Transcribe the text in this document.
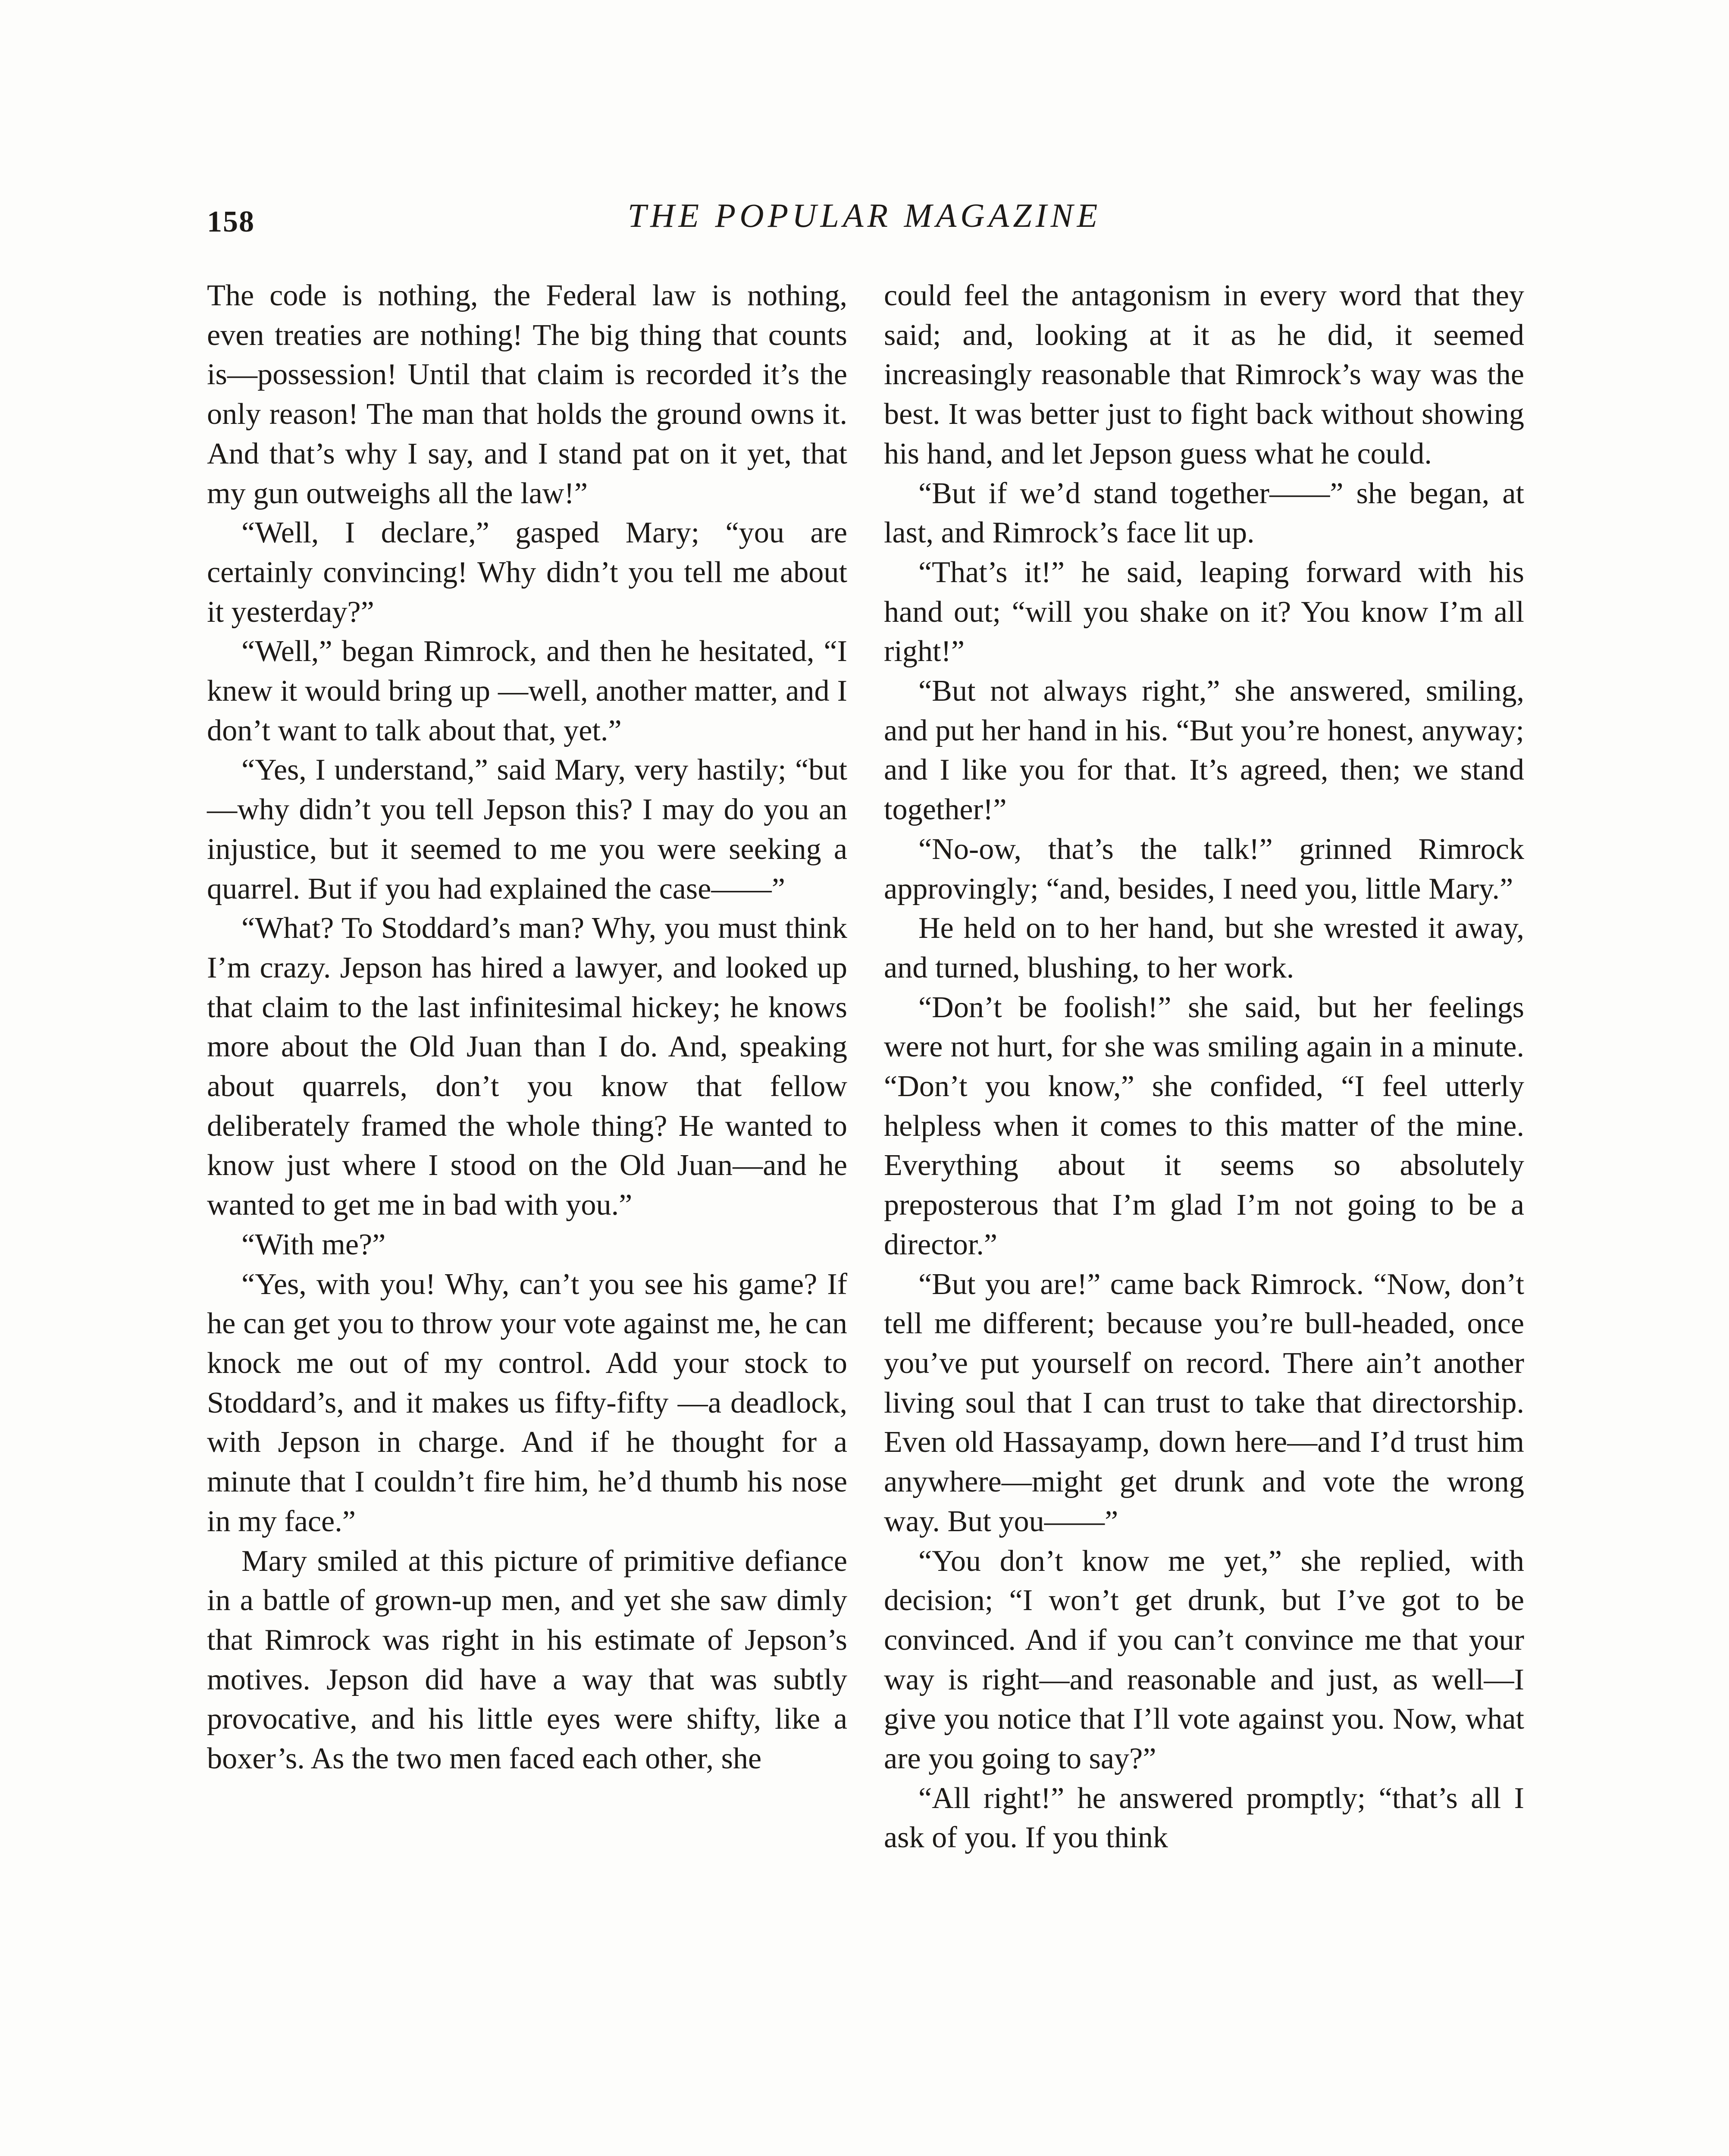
158	THE POPULAR MAGAZINE

The code is nothing, the Federal law is nothing, even treaties are nothing! The big thing that counts is—possession! Until that claim is recorded it’s the only reason! The man that holds the ground owns it. And that’s why I say, and I stand pat on it yet, that my gun outweighs all the law!”

“Well, I declare,” gasped Mary; “you are certainly convincing! Why didn’t you tell me about it yesterday?”

“Well,” began Rimrock, and then he hesitated, “I knew it would bring up —well, another matter, and I don’t want to talk about that, yet.”

“Yes, I understand,” said Mary, very hastily; “but—why didn’t you tell Jepson this? I may do you an injustice, but it seemed to me you were seeking a quarrel. But if you had explained the case——”

“What? To Stoddard’s man? Why, you must think I’m crazy. Jepson has hired a lawyer, and looked up that claim to the last infinitesimal hickey; he knows more about the Old Juan than I do. And, speaking about quarrels, don’t you know that fellow deliberately framed the whole thing? He wanted to know just where I stood on the Old Juan—and he wanted to get me in bad with you.”

“With me?”

“Yes, with you! Why, can’t you see his game? If he can get you to throw your vote against me, he can knock me out of my control. Add your stock to Stoddard’s, and it makes us fifty-fifty —a deadlock, with Jepson in charge. And if he thought for a minute that I couldn’t fire him, he’d thumb his nose in my face.”

Mary smiled at this picture of primitive defiance in a battle of grown-up men, and yet she saw dimly that Rimrock was right in his estimate of Jepson’s motives. Jepson did have a way that was subtly provocative, and his little eyes were shifty, like a boxer’s. As the two men faced each other, she

could feel the antagonism in every word that they said; and, looking at it as he did, it seemed increasingly reasonable that Rimrock’s way was the best. It was better just to fight back without showing his hand, and let Jepson guess what he could.

“But if we’d stand together——” she began, at last, and Rimrock’s face lit up.

“That’s it!” he said, leaping forward with his hand out; “will you shake on it? You know I’m all right!”

“But not always right,” she answered, smiling, and put her hand in his. “But you’re honest, anyway; and I like you for that. It’s agreed, then; we stand together!”

“No-ow, that’s the talk!” grinned Rimrock approvingly; “and, besides, I need you, little Mary.”

He held on to her hand, but she wrested it away, and turned, blushing, to her work.

“Don’t be foolish!” she said, but her feelings were not hurt, for she was smiling again in a minute. “Don’t you know,” she confided, “I feel utterly helpless when it comes to this matter of the mine. Everything about it seems so absolutely preposterous that I’m glad I’m not going to be a director.”

“But you are!” came back Rimrock. “Now, don’t tell me different; because you’re bull-headed, once you’ve put yourself on record. There ain’t another living soul that I can trust to take that directorship. Even old Hassayamp, down here—and I’d trust him anywhere—might get drunk and vote the wrong way. But you——”

“You don’t know me yet,” she replied, with decision; “I won’t get drunk, but I’ve got to be convinced. And if you can’t convince me that your way is right—and reasonable and just, as well—I give you notice that I’ll vote against you. Now, what are you going to say?”

“All right!” he answered promptly; “that’s all I ask of you. If you think
